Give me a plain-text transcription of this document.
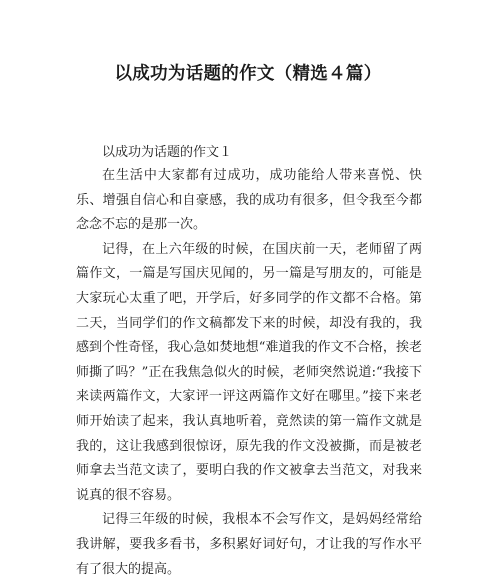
以成功为话题的作文（精选４篇）
以成功为话题的作文１

在生活中大家都有过成功，成功能给人带来喜悦、快乐、增强自信心和自豪感，我的成功有很多，但令我至今都念念不忘的是那一次。

记得，在上六年级的时候，在国庆前一天，老师留了两篇作文，一篇是写国庆见闻的，另一篇是写朋友的，可能是大家玩心太重了吧，开学后，好多同学的作文都不合格。第二天，当同学们的作文稿都发下来的时候，却没有我的，我感到个性奇怪，我心急如焚地想“难道我的作文不合格，挨老师撕了吗？”正在我焦急似火的时候，老师突然说道:“我接下来读两篇作文，大家评一评这两篇作文好在哪里。”接下来老师开始读了起来，我认真地听着，竟然读的第一篇作文就是我的，这让我感到很惊讶，原先我的作文没被撕，而是被老师拿去当范文读了，要明白我的作文被拿去当范文，对我来说真的很不容易。

记得三年级的时候，我根本不会写作文，是妈妈经常给我讲解，要我多看书，多积累好词好句，才让我的写作水平有了很大的提高。
